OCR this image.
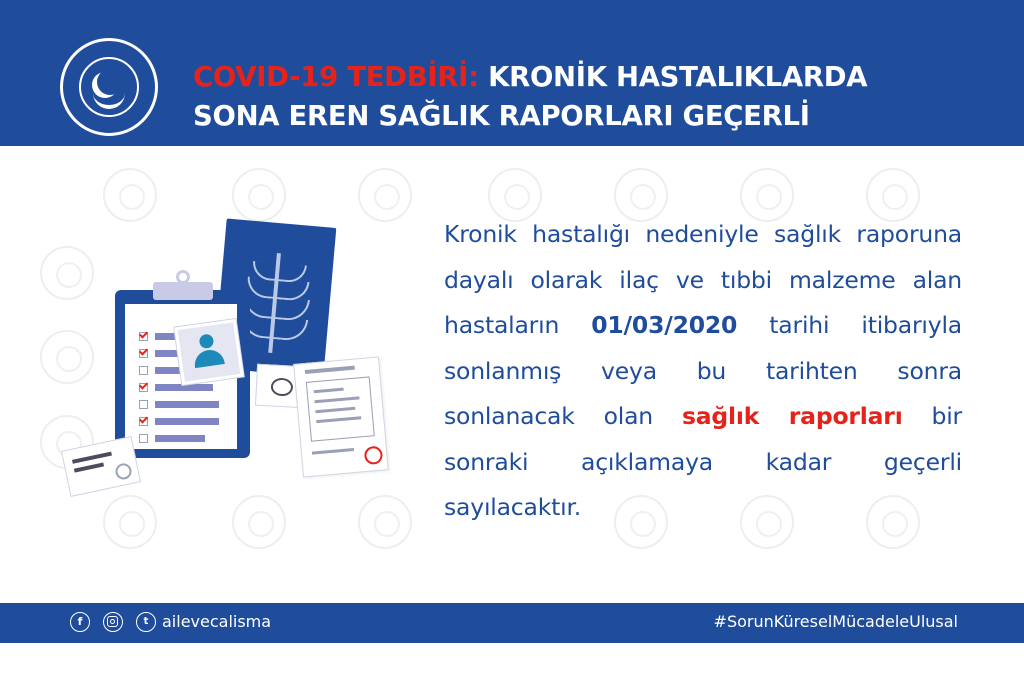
COVID-19 TEDBİRİ: KRONİK HASTALIKLARDA
SONA EREN SAĞLIK RAPORLARI GEÇERLİ
Kronik hastalığı nedeniyle sağlık raporuna dayalı olarak ilaç ve tıbbi malzeme alan hastaların 01/03/2020 tarihi itibarıyla sonlanmış veya bu tarihten sonra sonlanacak olan sağlık raporları bir sonraki açıklamaya kadar geçerli sayılacaktır.
f	t ailevecalisma	#SorunKüreselMücadeleUlusal
